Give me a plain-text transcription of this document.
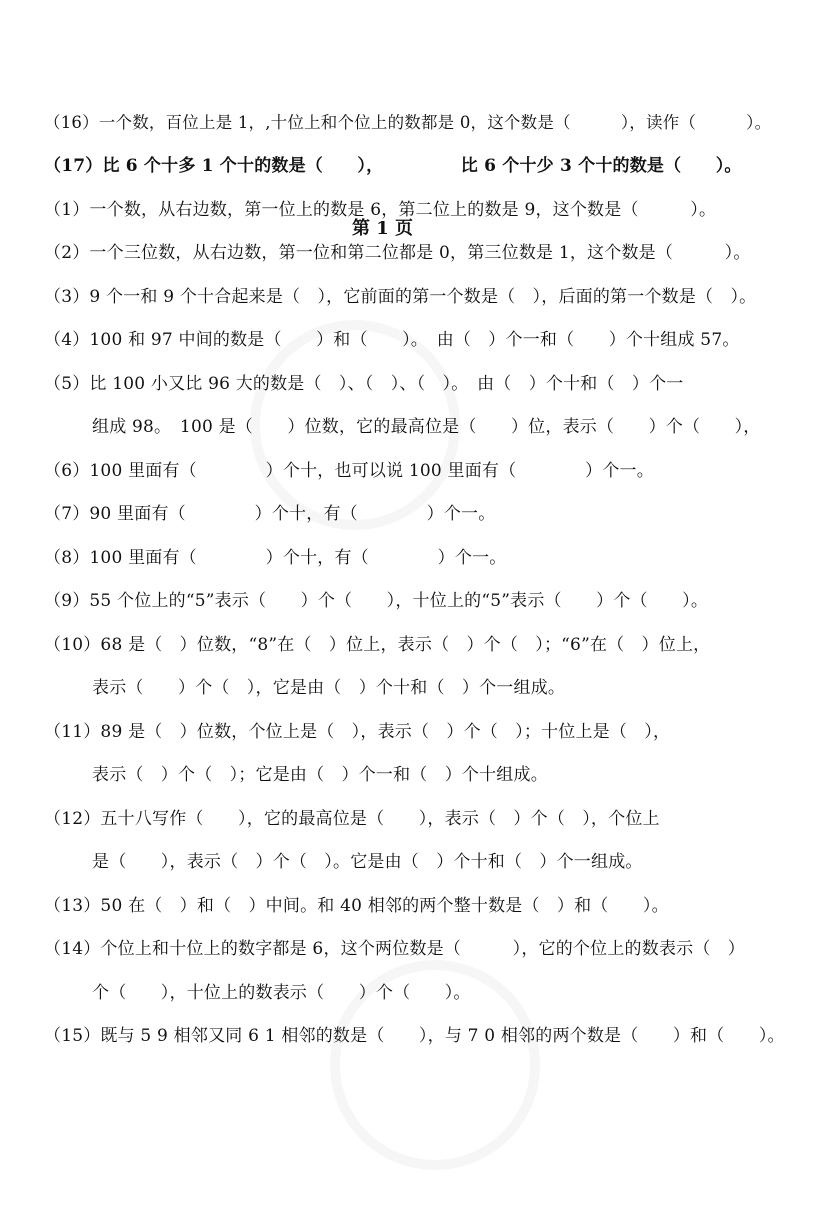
第 1 页
（16）一个数，百位上是 1，,十位上和个位上的数都是 0，这个数是（　　　），读作（　　　）。
（17）比 6 个十多 1 个十的数是（　　），　　　　　比 6 个十少 3 个十的数是（　　）。
（1）一个数，从右边数，第一位上的数是 6，第二位上的数是 9，这个数是（　　　）。
（2）一个三位数，从右边数，第一位和第二位都是 0，第三位数是 1，这个数是（　　　）。
（3）9 个一和 9 个十合起来是（　），它前面的第一个数是（　），后面的第一个数是（　）。
（4）100 和 97 中间的数是（　　）和（　　）。　由（　）个一和（　　）个十组成 57。
（5）比 100 小又比 96 大的数是（　）、（　）、（　）。　由（　）个十和（　）个一
组成 98。　100 是（　　）位数，它的最高位是（　　）位，表示（　　）个（　　），
（6）100 里面有（　　　　）个十，也可以说 100 里面有（　　　　）个一。
（7）90 里面有（　　　　）个十，有（　　　　）个一。
（8）100 里面有（　　　　）个十，有（　　　　）个一。
（9）55 个位上的“5”表示（　　）个（　　），十位上的“5”表示（　　）个（　　）。
（10）68 是（　）位数，“8”在（　）位上，表示（　）个（　）；“6”在（　）位上，
表示（　　）个（　），它是由（　）个十和（　）个一组成。
（11）89 是（　）位数，个位上是（　），表示（　）个（　）；十位上是（　），
表示（　）个（　）；它是由（　）个一和（　）个十组成。
（12）五十八写作（　　），它的最高位是（　　），表示（　）个（　），个位上
是（　　），表示（　）个（　）。它是由（　）个十和（　）个一组成。
（13）50 在（　）和（　）中间。和 40 相邻的两个整十数是（　）和（　　）。
（14）个位上和十位上的数字都是 6，这个两位数是（　　　），它的个位上的数表示（　）
个（　　），十位上的数表示（　　）个（　　）。
（15）既与 5 9 相邻又同 6 1 相邻的数是（　　），与 7 0 相邻的两个数是（　　）和（　　）。
